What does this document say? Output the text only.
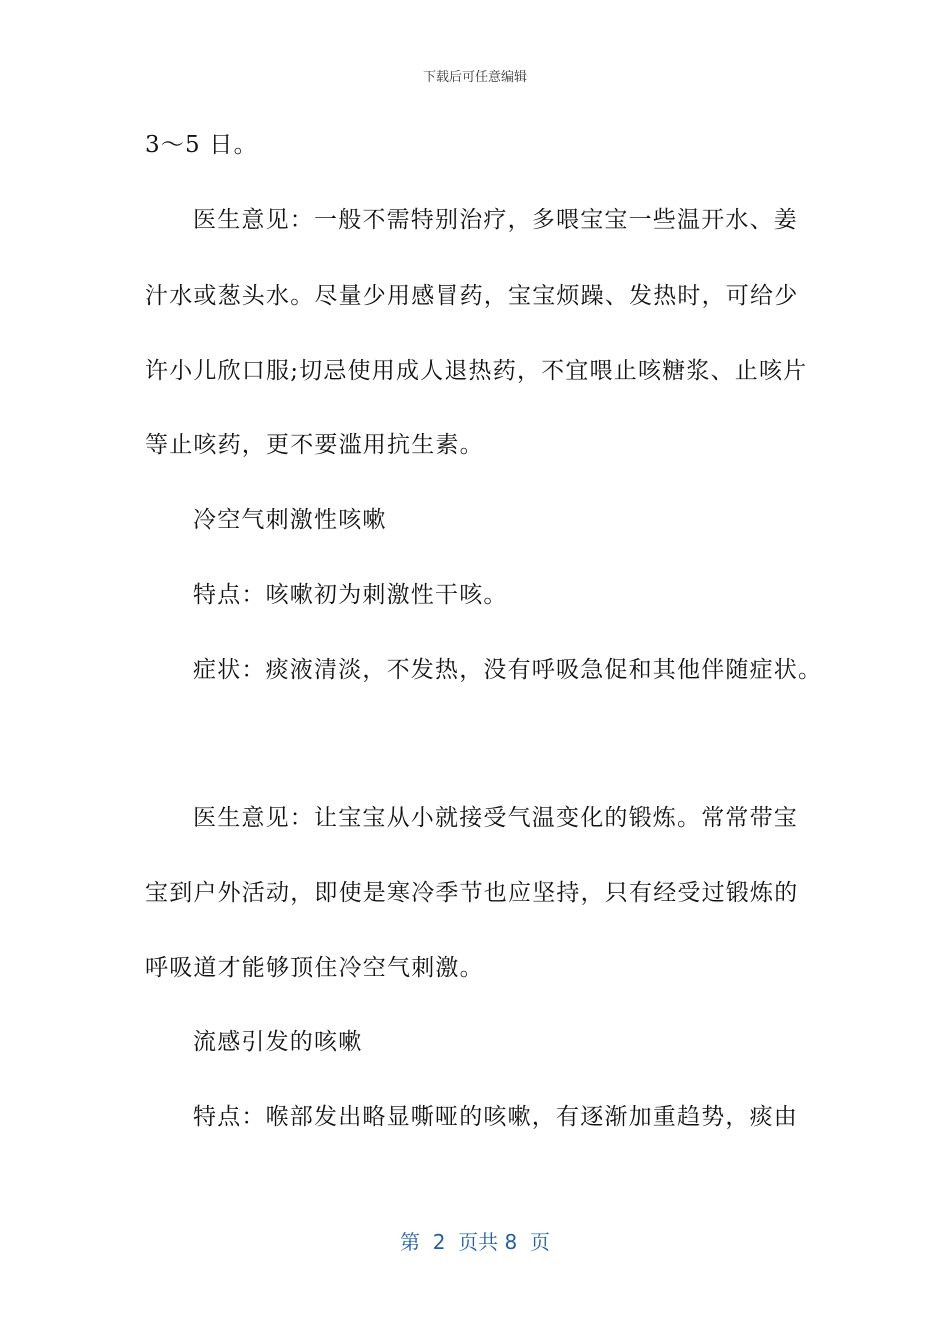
下载后可任意编辑
3～5 日。
医生意见：一般不需特别治疗，多喂宝宝一些温开水、姜
汁水或葱头水。尽量少用感冒药，宝宝烦躁、发热时，可给少
许小儿欣口服;切忌使用成人退热药，不宜喂止咳糖浆、止咳片
等止咳药，更不要滥用抗生素。
冷空气刺激性咳嗽
特点：咳嗽初为刺激性干咳。
症状：痰液清淡，不发热，没有呼吸急促和其他伴随症状。
医生意见：让宝宝从小就接受气温变化的锻炼。常常带宝
宝到户外活动，即使是寒冷季节也应坚持，只有经受过锻炼的
呼吸道才能够顶住冷空气刺激。
流感引发的咳嗽
特点：喉部发出略显嘶哑的咳嗽，有逐渐加重趋势，痰由
第  2  页共 8  页
